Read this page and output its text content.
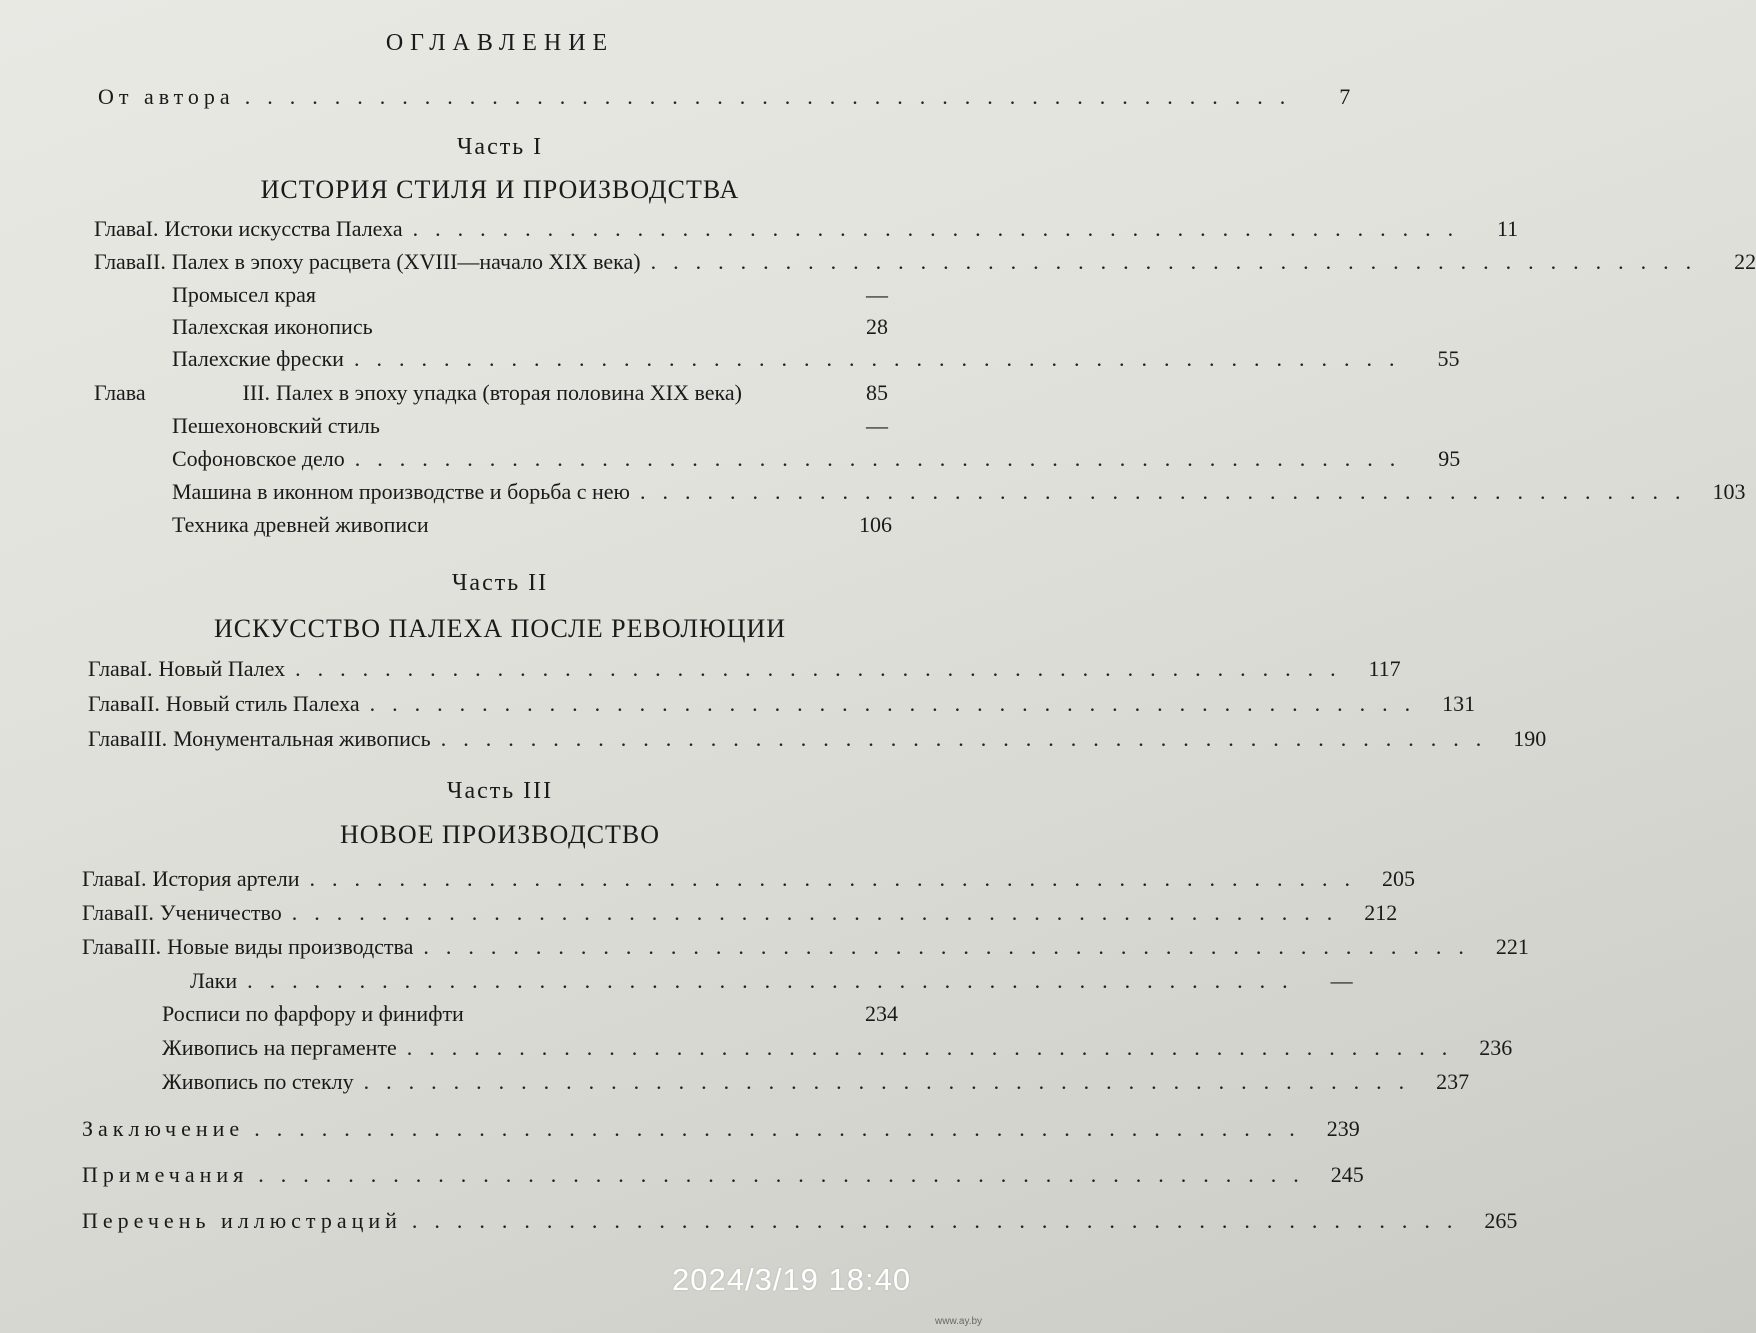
ОГЛАВЛЕНИЕ
От автора ...............................................	7
Часть I
ИСТОРИЯ СТИЛЯ И ПРОИЗВОДСТВА
Глава I. Истоки искусства Палеха ...............................................	11
Глава II. Палех в эпоху расцвета (XVIII—начало XIX века) ...............................................	22
Промысел края	—
Палехская иконопись	28
Палехские фрески ...............................................	55
Глава	III. Палех в эпоху упадка (вторая половина XIX века)	85
Пешехоновский стиль	—
Софоновское дело ...............................................	95
Машина в иконном производстве и борьба с нею ............................................... 103
Техника древней живописи	106
Часть II
ИСКУССТВО ПАЛЕХА ПОСЛЕ РЕВОЛЮЦИИ
Глава I. Новый Палех ............................................... 117
Глава II. Новый стиль Палеха ............................................... 131
Глава III. Монументальная живопись ............................................... 190
Часть III
НОВОЕ ПРОИЗВОДСТВО
Глава I. История артели ............................................... 205
Глава II. Ученичество ............................................... 212
Глава III. Новые виды производства ............................................... 221
Лаки ...............................................	—
Росписи по фарфору и финифти	234
Живопись на пергаменте ............................................... 236
Живопись по стеклу ............................................... 237
Заключение ............................................... 239
Примечания ............................................... 245
Перечень иллюстраций ............................................... 265
2024/3/19 18:40
www.ay.by
